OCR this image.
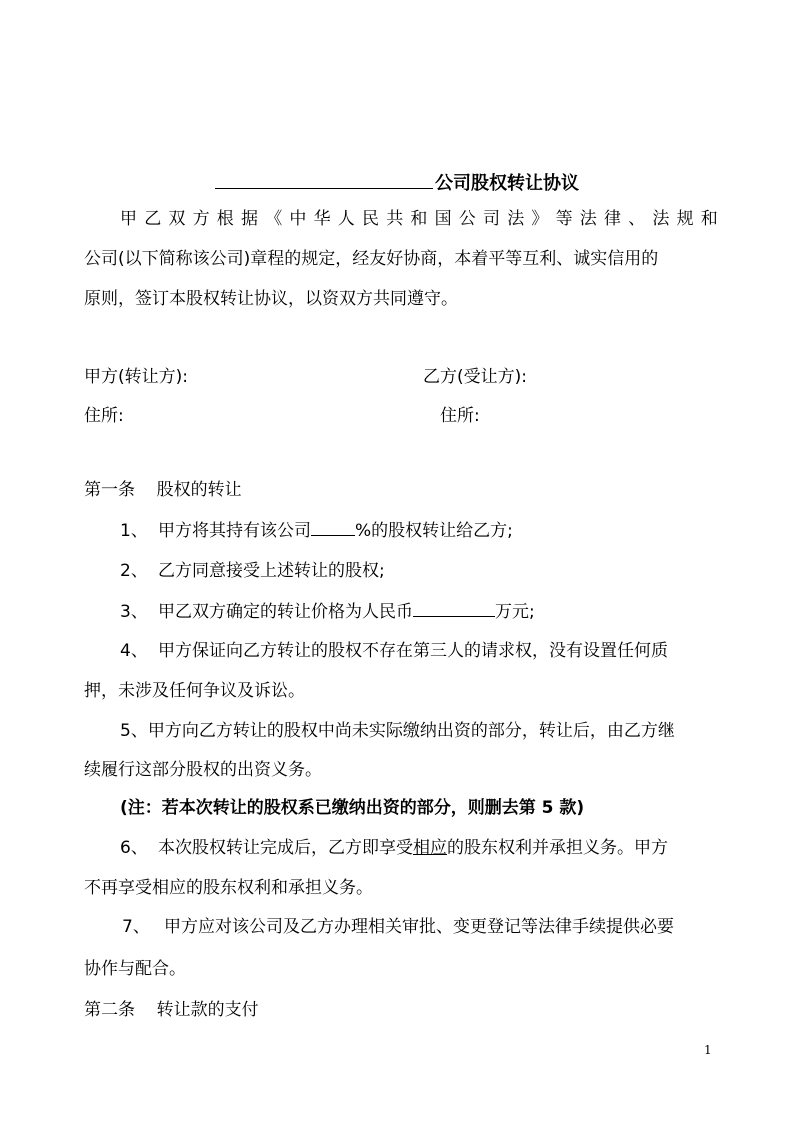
公司股权转让协议
甲乙双方根据《中华人民共和国公司法》等法律、法规和
公司(以下简称该公司)章程的规定，经友好协商，本着平等互利、诚实信用的
原则，签订本股权转让协议，以资双方共同遵守。
甲方(转让方):	乙方(受让方):
住所:	住所:
第一条    股权的转让
1、 甲方将其持有该公司	%的股权转让给乙方;
2、 乙方同意接受上述转让的股权;
3、 甲乙双方确定的转让价格为人民币	万元;
4、 甲方保证向乙方转让的股权不存在第三人的请求权，没有设置任何质
押，未涉及任何争议及诉讼。
5、甲方向乙方转让的股权中尚未实际缴纳出资的部分，转让后，由乙方继
续履行这部分股权的出资义务。
(注：若本次转让的股权系已缴纳出资的部分，则删去第 5 款)
6、 本次股权转让完成后，乙方即享受相应的股东权利并承担义务。甲方
不再享受相应的股东权利和承担义务。
7、 甲方应对该公司及乙方办理相关审批、变更登记等法律手续提供必要
协作与配合。
第二条    转让款的支付
1
